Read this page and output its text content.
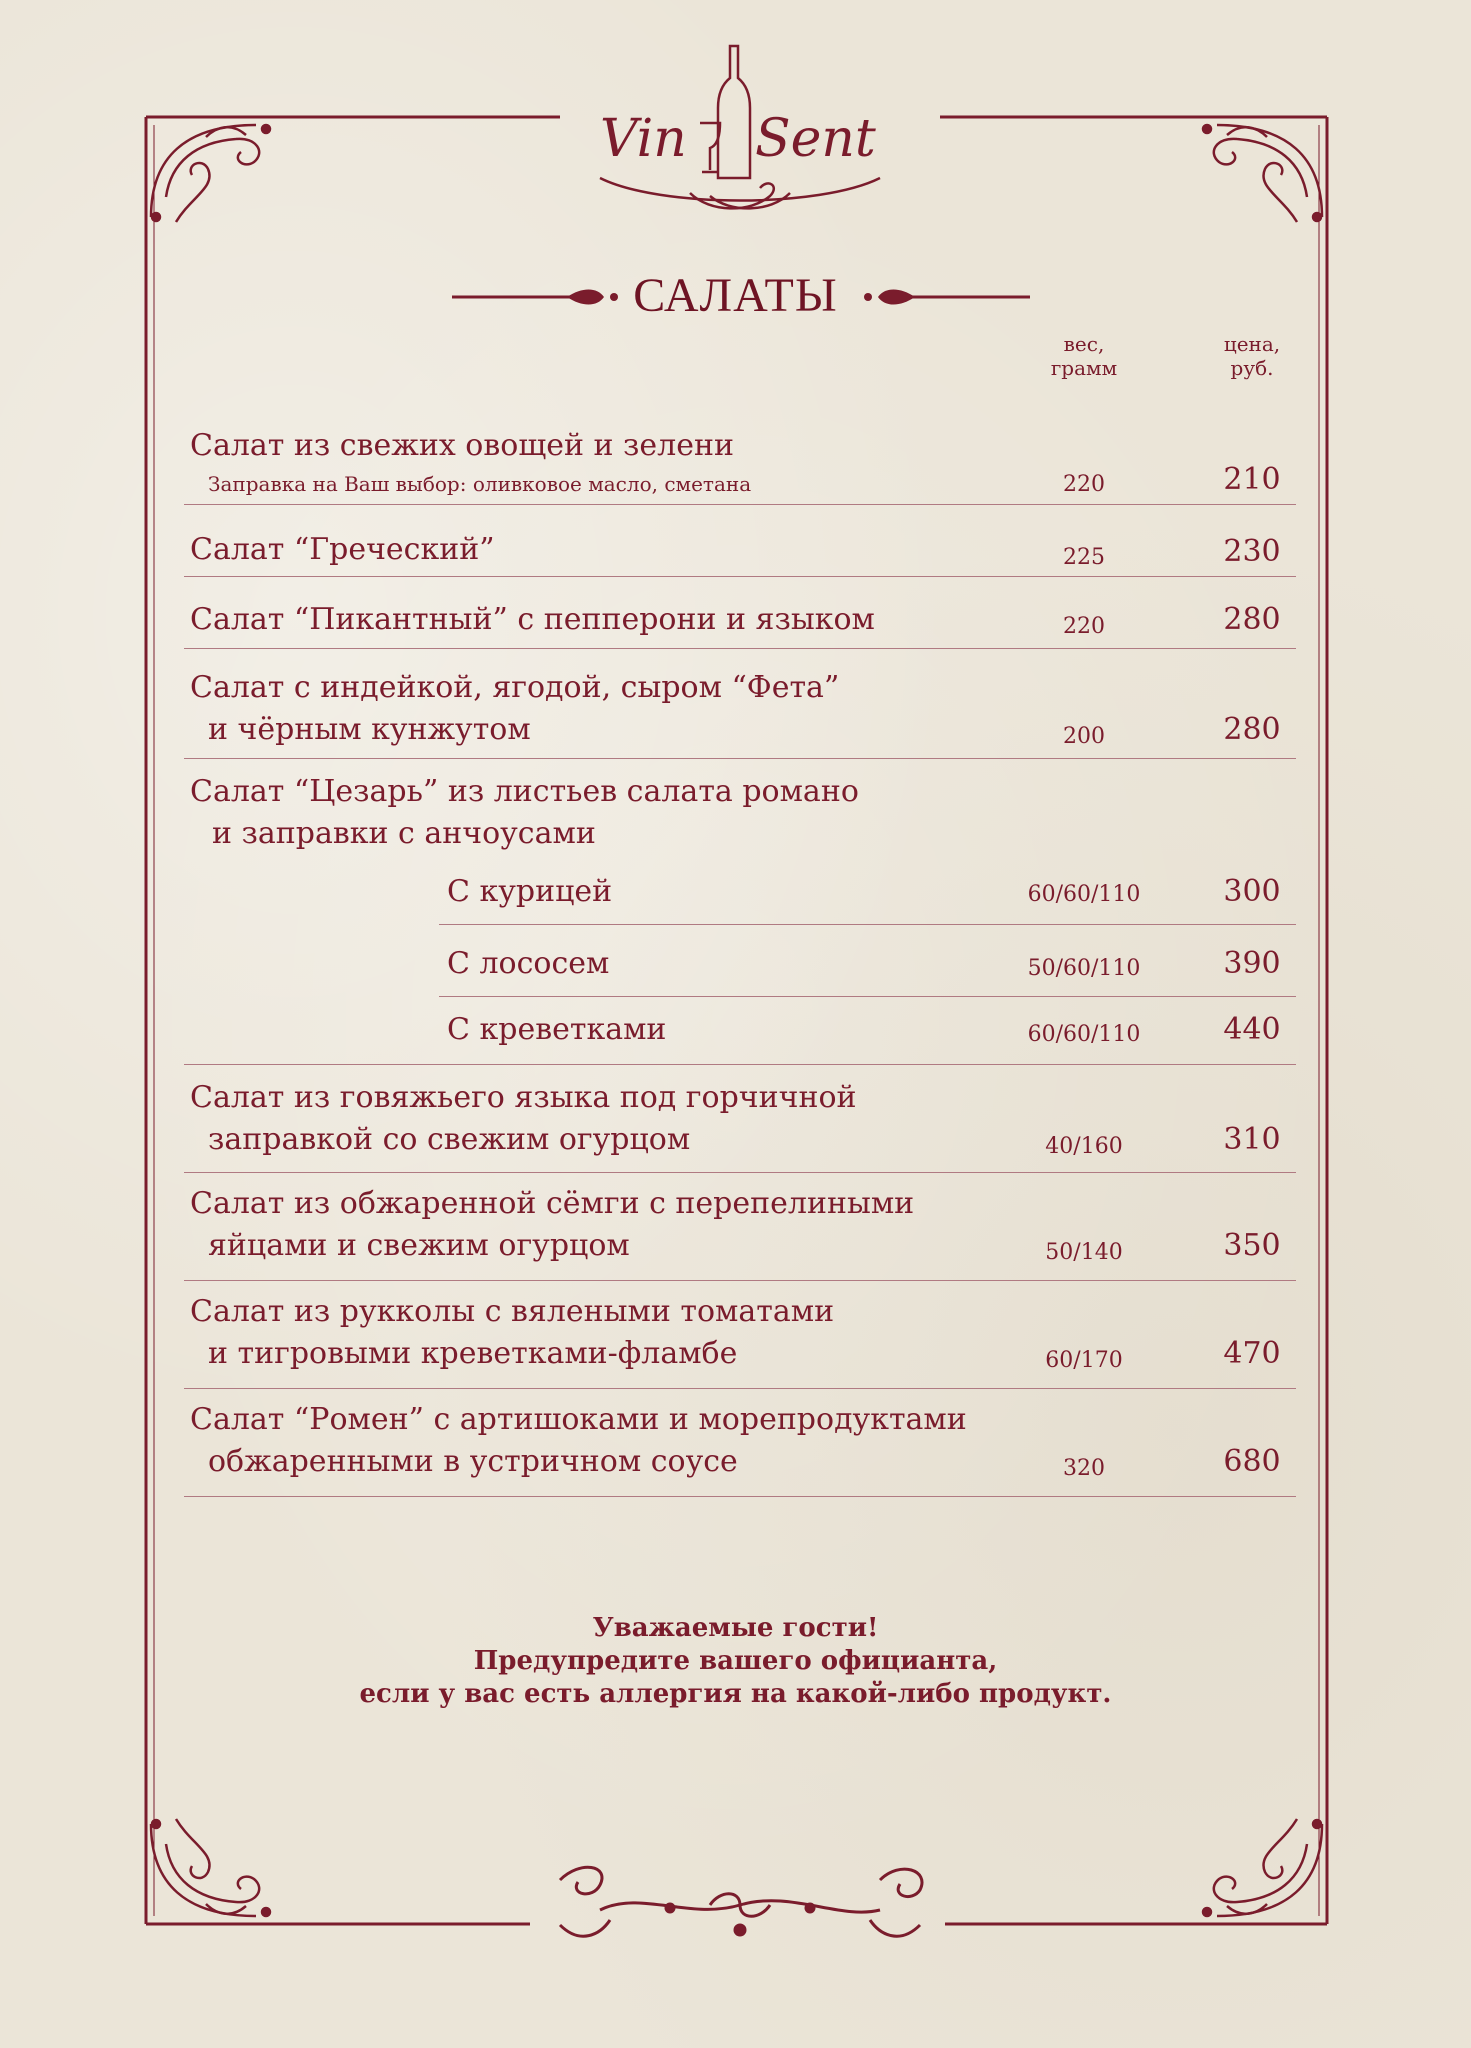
Vin Sent
САЛАТЫ
вес,
грамм
цена,
руб.
Салат из свежих овощей и зелени
Заправка на Ваш выбор: оливковое масло, сметана	220	210
Салат “Греческий”	225	230
Салат “Пикантный” с пепперони и языком	220	280
Салат с индейкой, ягодой, сыром “Фета”
и чёрным кунжутом	200	280
Салат “Цезарь” из листьев салата романо
и заправки с анчоусами
С курицей	60/60/110	300
С лососем	50/60/110	390
С креветками	60/60/110	440
Салат из говяжьего языка под горчичной
заправкой со свежим огурцом	40/160	310
Салат из обжаренной сёмги с перепелиными
яйцами и свежим огурцом	50/140	350
Салат из рукколы с вялеными томатами
и тигровыми креветками-фламбе	60/170	470
Салат “Ромен” с артишоками и морепродуктами
обжаренными в устричном соусе	320	680
Уважаемые гости!
Предупредите вашего официанта,
если у вас есть аллергия на какой-либо продукт.
